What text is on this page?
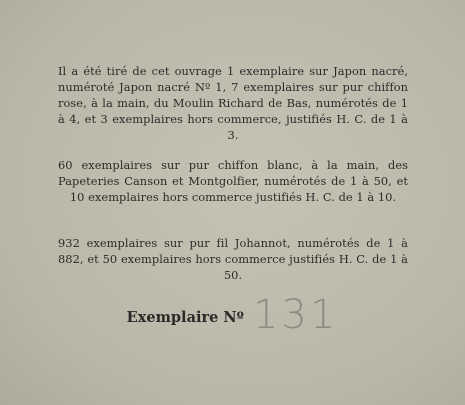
Il a été tiré de cet ouvrage 1 exemplaire sur Japon nacré, numéroté Japon nacré Nº 1, 7 exemplaires sur pur chiffon rose, à la main, du Moulin Richard de Bas, numérotés de 1 à 4, et 3 exemplaires hors commerce, justifiés H. C. de 1 à 3.

60 exemplaires sur pur chiffon blanc, à la main, des Papeteries Canson et Montgolfier, numérotés de 1 à 50, et 10 exemplaires hors commerce justifiés H. C. de 1 à 10.

932 exemplaires sur pur fil Johannot, numérotés de 1 à 882, et 50 exemplaires hors commerce justifiés H. C. de 1 à 50.

Exemplaire Nº 131
